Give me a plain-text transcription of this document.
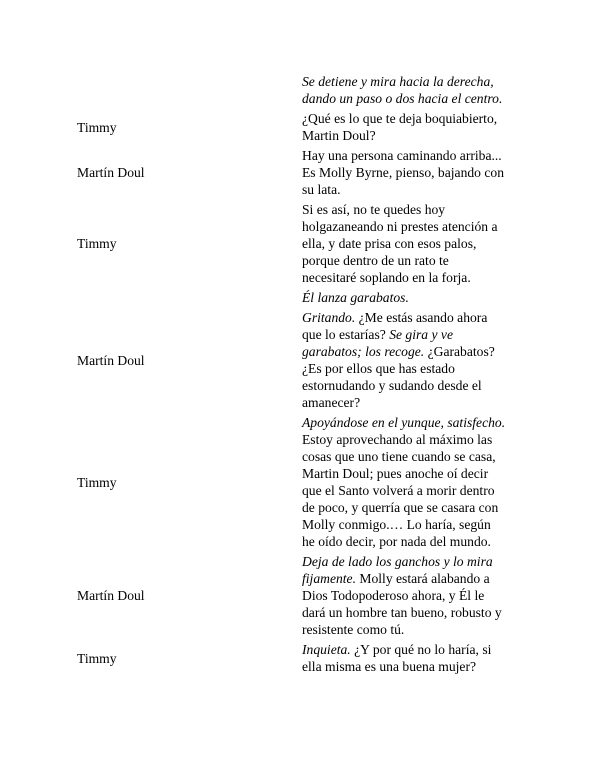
Se detiene y mira hacia la derecha,
dando un paso o dos hacia el centro.
Timmy
¿Qué es lo que te deja boquiabierto,
Martin Doul?
Martín Doul
Hay una persona caminando arriba...
Es Molly Byrne, pienso, bajando con
su lata.
Timmy
Si es así, no te quedes hoy
holgazaneando ni prestes atención a
ella, y date prisa con esos palos,
porque dentro de un rato te
necesitaré soplando en la forja.
Él lanza garabatos.
Martín Doul
Gritando. ¿Me estás asando ahora
que lo estarías? Se gira y ve
garabatos; los recoge. ¿Garabatos?
¿Es por ellos que has estado
estornudando y sudando desde el
amanecer?
Timmy
Apoyándose en el yunque, satisfecho.
Estoy aprovechando al máximo las
cosas que uno tiene cuando se casa,
Martin Doul; pues anoche oí decir
que el Santo volverá a morir dentro
de poco, y querría que se casara con
Molly conmigo.… Lo haría, según
he oído decir, por nada del mundo.
Martín Doul
Deja de lado los ganchos y lo mira
fijamente. Molly estará alabando a
Dios Todopoderoso ahora, y Él le
dará un hombre tan bueno, robusto y
resistente como tú.
Timmy
Inquieta. ¿Y por qué no lo haría, si
ella misma es una buena mujer?
